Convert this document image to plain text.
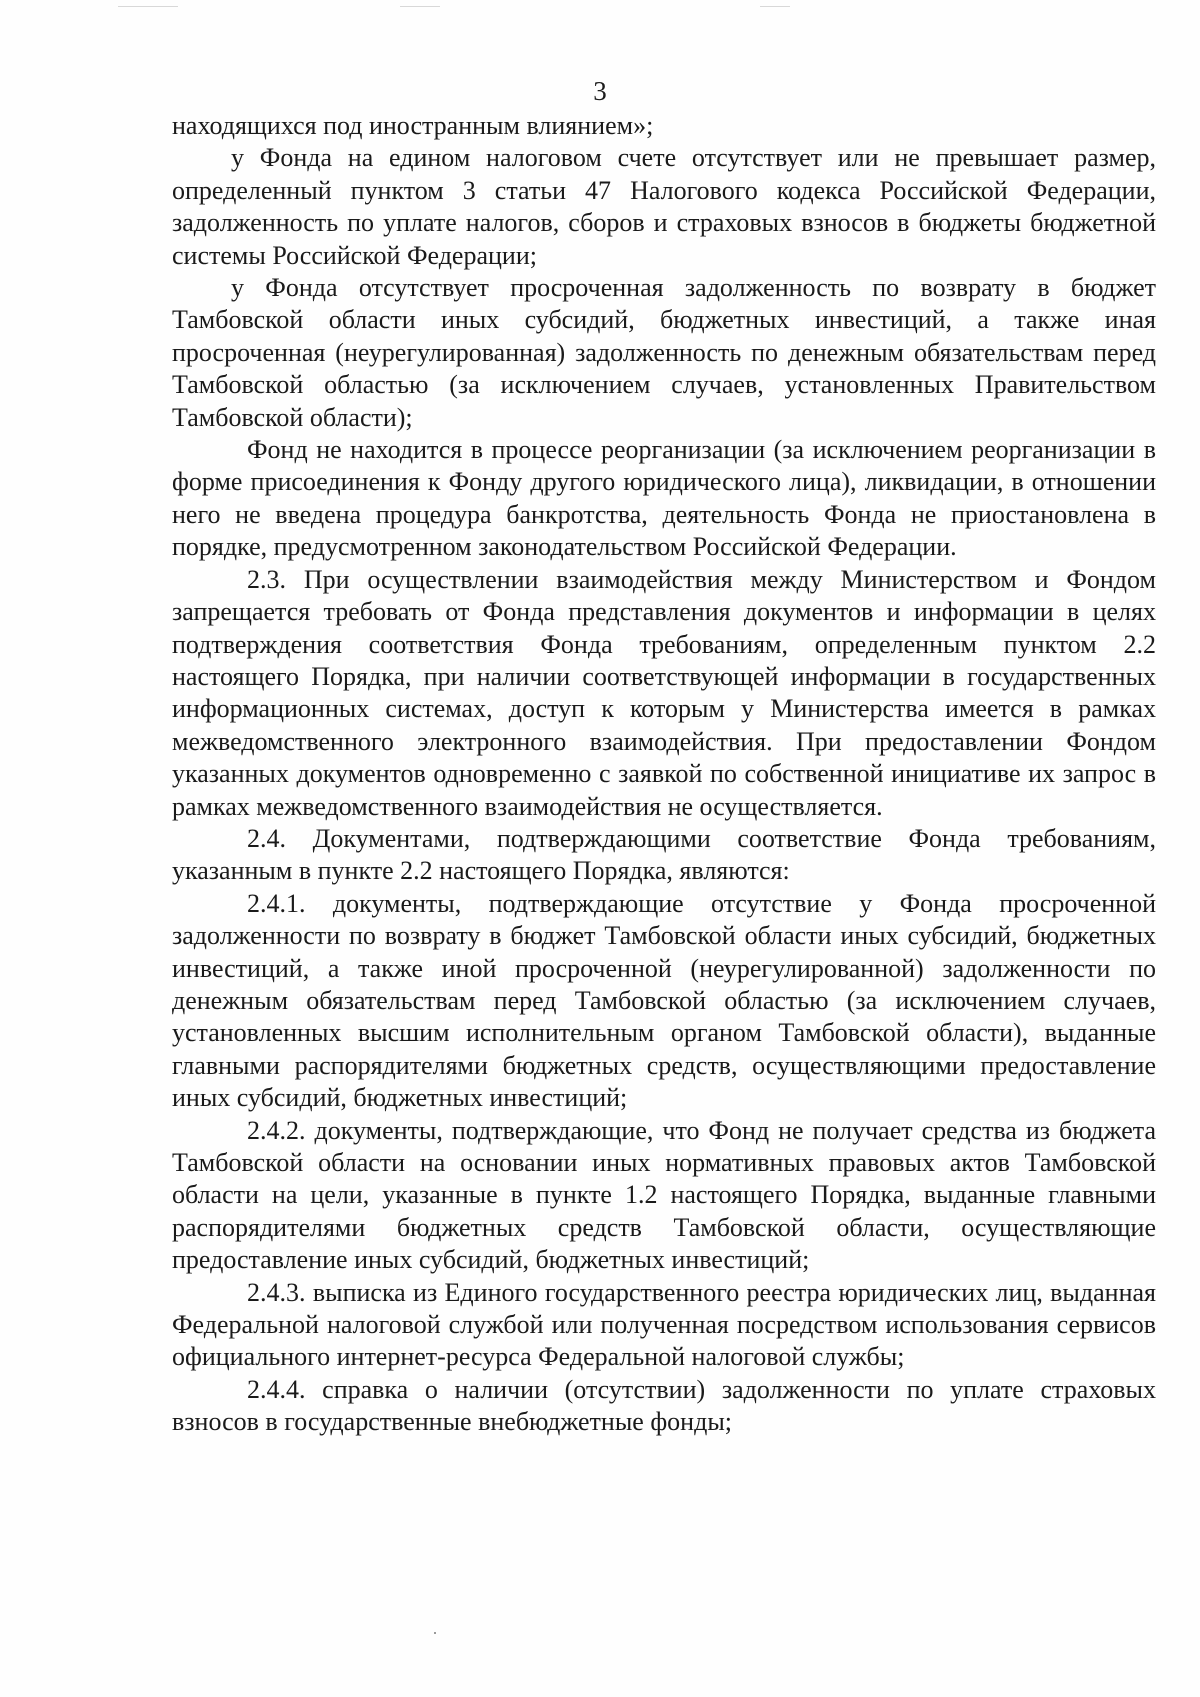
3

находящихся под иностранным влиянием»;

у Фонда на едином налоговом счете отсутствует или не превышает размер, определенный пунктом 3 статьи 47 Налогового кодекса Российской Федерации, задолженность по уплате налогов, сборов и страховых взносов в бюджеты бюджетной системы Российской Федерации;

у Фонда отсутствует просроченная задолженность по возврату в бюджет Тамбовской области иных субсидий, бюджетных инвестиций, а также иная просроченная (неурегулированная) задолженность по денежным обязательствам перед Тамбовской областью (за исключением случаев, установленных Правительством Тамбовской области);

Фонд не находится в процессе реорганизации (за исключением реорганизации в форме присоединения к Фонду другого юридического лица), ликвидации, в отношении него не введена процедура банкротства, деятельность Фонда не приостановлена в порядке, предусмотренном законодательством Российской Федерации.

2.3. При осуществлении взаимодействия между Министерством и Фондом запрещается требовать от Фонда представления документов и информации в целях подтверждения соответствия Фонда требованиям, определенным пунктом 2.2 настоящего Порядка, при наличии соответствующей информации в государственных информационных системах, доступ к которым у Министерства имеется в рамках межведомственного электронного взаимодействия. При предоставлении Фондом указанных документов одновременно с заявкой по собственной инициативе их запрос в рамках межведомственного взаимодействия не осуществляется.

2.4. Документами, подтверждающими соответствие Фонда требованиям, указанным в пункте 2.2 настоящего Порядка, являются:

2.4.1. документы, подтверждающие отсутствие у Фонда просроченной задолженности по возврату в бюджет Тамбовской области иных субсидий, бюджетных инвестиций, а также иной просроченной (неурегулированной) задолженности по денежным обязательствам перед Тамбовской областью (за исключением случаев, установленных высшим исполнительным органом Тамбовской области), выданные главными распорядителями бюджетных средств, осуществляющими предоставление иных субсидий, бюджетных инвестиций;

2.4.2. документы, подтверждающие, что Фонд не получает средства из бюджета Тамбовской области на основании иных нормативных правовых актов Тамбовской области на цели, указанные в пункте 1.2 настоящего Порядка, выданные главными распорядителями бюджетных средств Тамбовской области, осуществляющие предоставление иных субсидий, бюджетных инвестиций;

2.4.3. выписка из Единого государственного реестра юридических лиц, выданная Федеральной налоговой службой или полученная посредством использования сервисов официального интернет-ресурса Федеральной налоговой службы;

2.4.4. справка о наличии (отсутствии) задолженности по уплате страховых взносов в государственные внебюджетные фонды;
